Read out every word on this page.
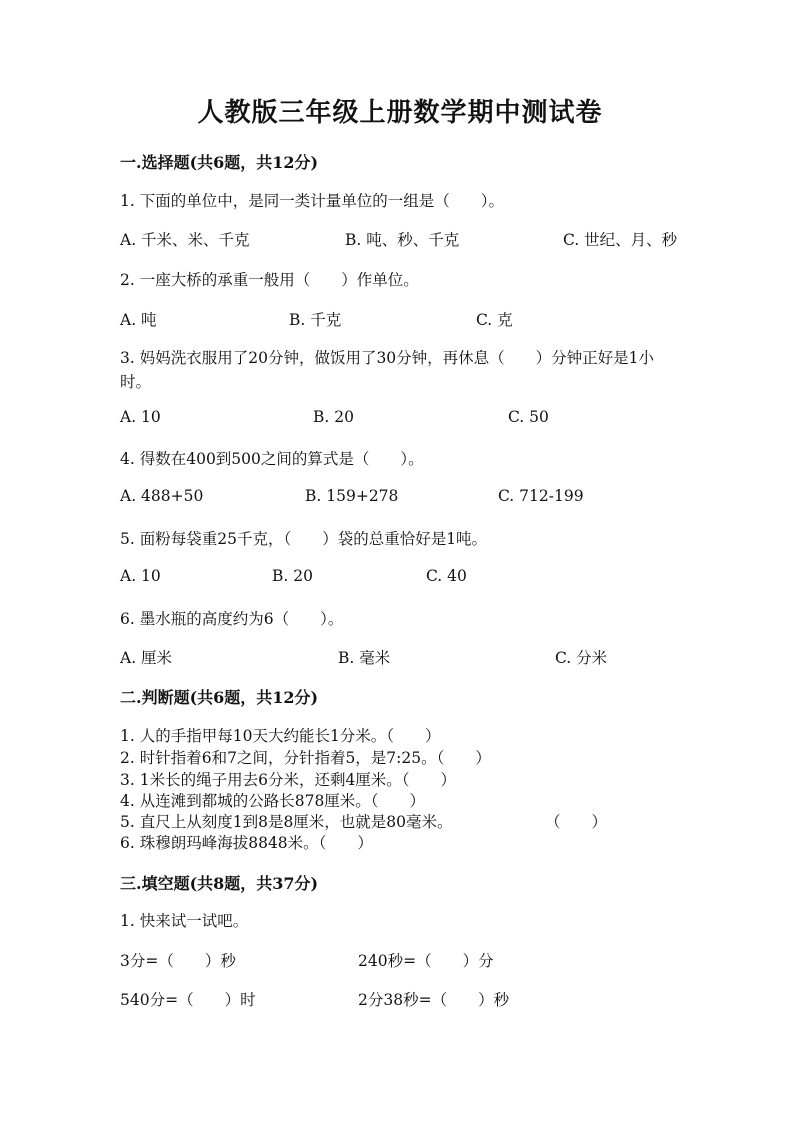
人教版三年级上册数学期中测试卷
一.选择题(共6题，共12分)
1. 下面的单位中，是同一类计量单位的一组是（　　）。
A. 千米、米、千克	B. 吨、秒、千克	C. 世纪、月、秒
2. 一座大桥的承重一般用（　　）作单位。
A. 吨	B. 千克	C. 克
3. 妈妈洗衣服用了20分钟，做饭用了30分钟，再休息（　　）分钟正好是1小时。
A. 10	B. 20	C. 50
4. 得数在400到500之间的算式是（　　）。
A. 488+50	B. 159+278	C. 712-199
5. 面粉每袋重25千克，（　　）袋的总重恰好是1吨。
A. 10	B. 20	C. 40
6. 墨水瓶的高度约为6（　　）。
A. 厘米	B. 毫米	C. 分米
二.判断题(共6题，共12分)
1. 人的手指甲每10天大约能长1分米。（　　）
2. 时针指着6和7之间，分针指着5，是7:25。（　　）
3. 1米长的绳子用去6分米，还剩4厘米。（　　）
4. 从连滩到都城的公路长878厘米。（　　）
5. 直尺上从刻度1到8是8厘米，也就是80毫米。	（　　）
6. 珠穆朗玛峰海拔8848米。（　　）
三.填空题(共8题，共37分)
1. 快来试一试吧。
3分=（　　）秒	240秒=（　　）分
540分=（　　）时	2分38秒=（　　）秒
